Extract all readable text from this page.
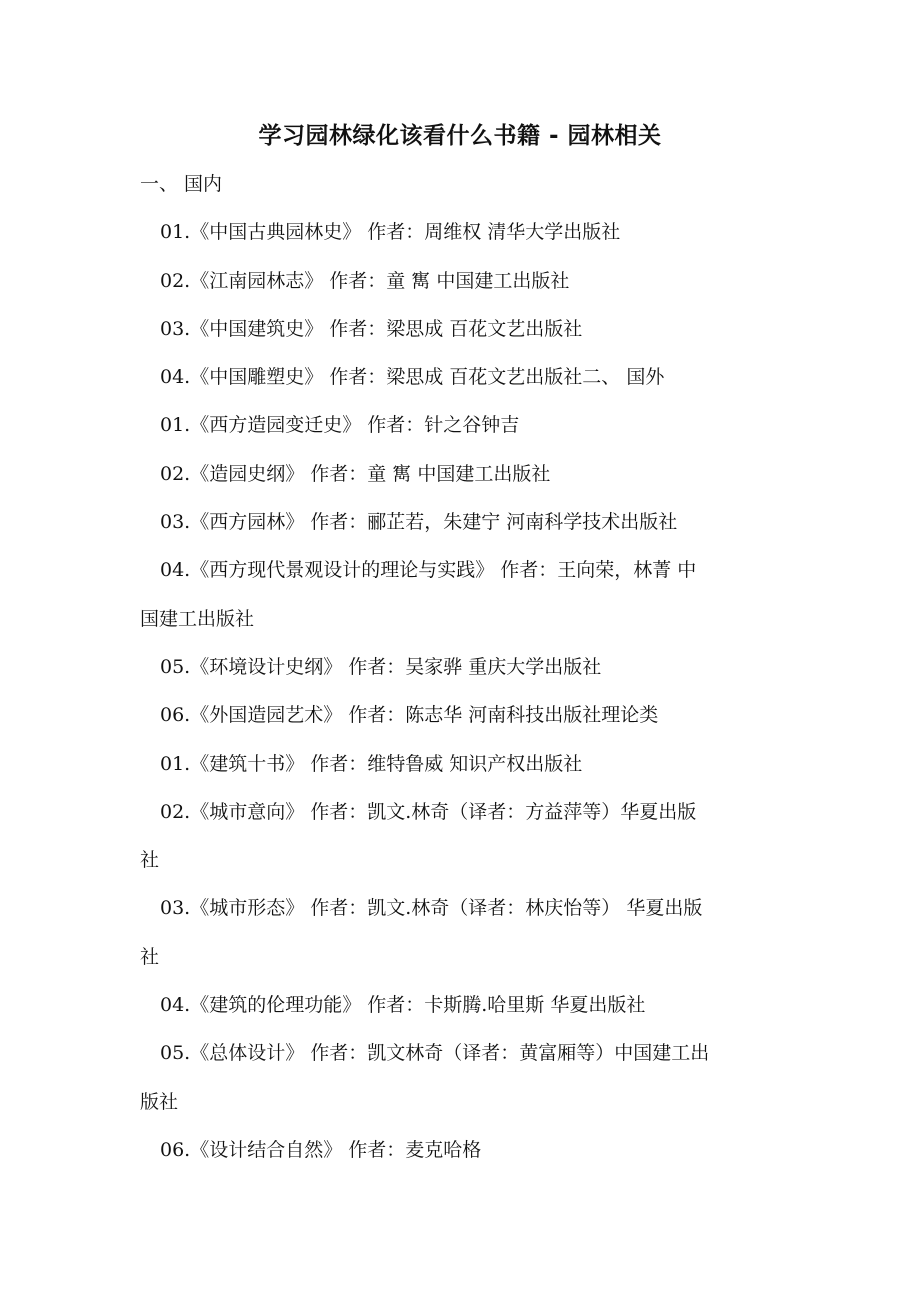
学习园林绿化该看什么书籍 - 园林相关

一、 国内

01.《中国古典园林史》 作者：周维权 清华大学出版社

02.《江南园林志》 作者：童 寯 中国建工出版社

03.《中国建筑史》 作者：梁思成 百花文艺出版社

04.《中国雕塑史》 作者：梁思成 百花文艺出版社二、 国外

01.《西方造园变迁史》 作者：针之谷钟吉

02.《造园史纲》 作者：童 寯 中国建工出版社

03.《西方园林》 作者：郦芷若，朱建宁 河南科学技术出版社

04.《西方现代景观设计的理论与实践》 作者：王向荣，林菁 中

国建工出版社

05.《环境设计史纲》 作者：吴家骅 重庆大学出版社

06.《外国造园艺术》 作者：陈志华 河南科技出版社理论类

01.《建筑十书》 作者：维特鲁威 知识产权出版社

02.《城市意向》 作者：凯文.林奇（译者：方益萍等）华夏出版

社

03.《城市形态》 作者：凯文.林奇（译者：林庆怡等） 华夏出版

社

04.《建筑的伦理功能》 作者：卡斯腾.哈里斯 华夏出版社

05.《总体设计》 作者：凯文林奇（译者：黄富厢等）中国建工出

版社

06.《设计结合自然》 作者：麦克哈格
